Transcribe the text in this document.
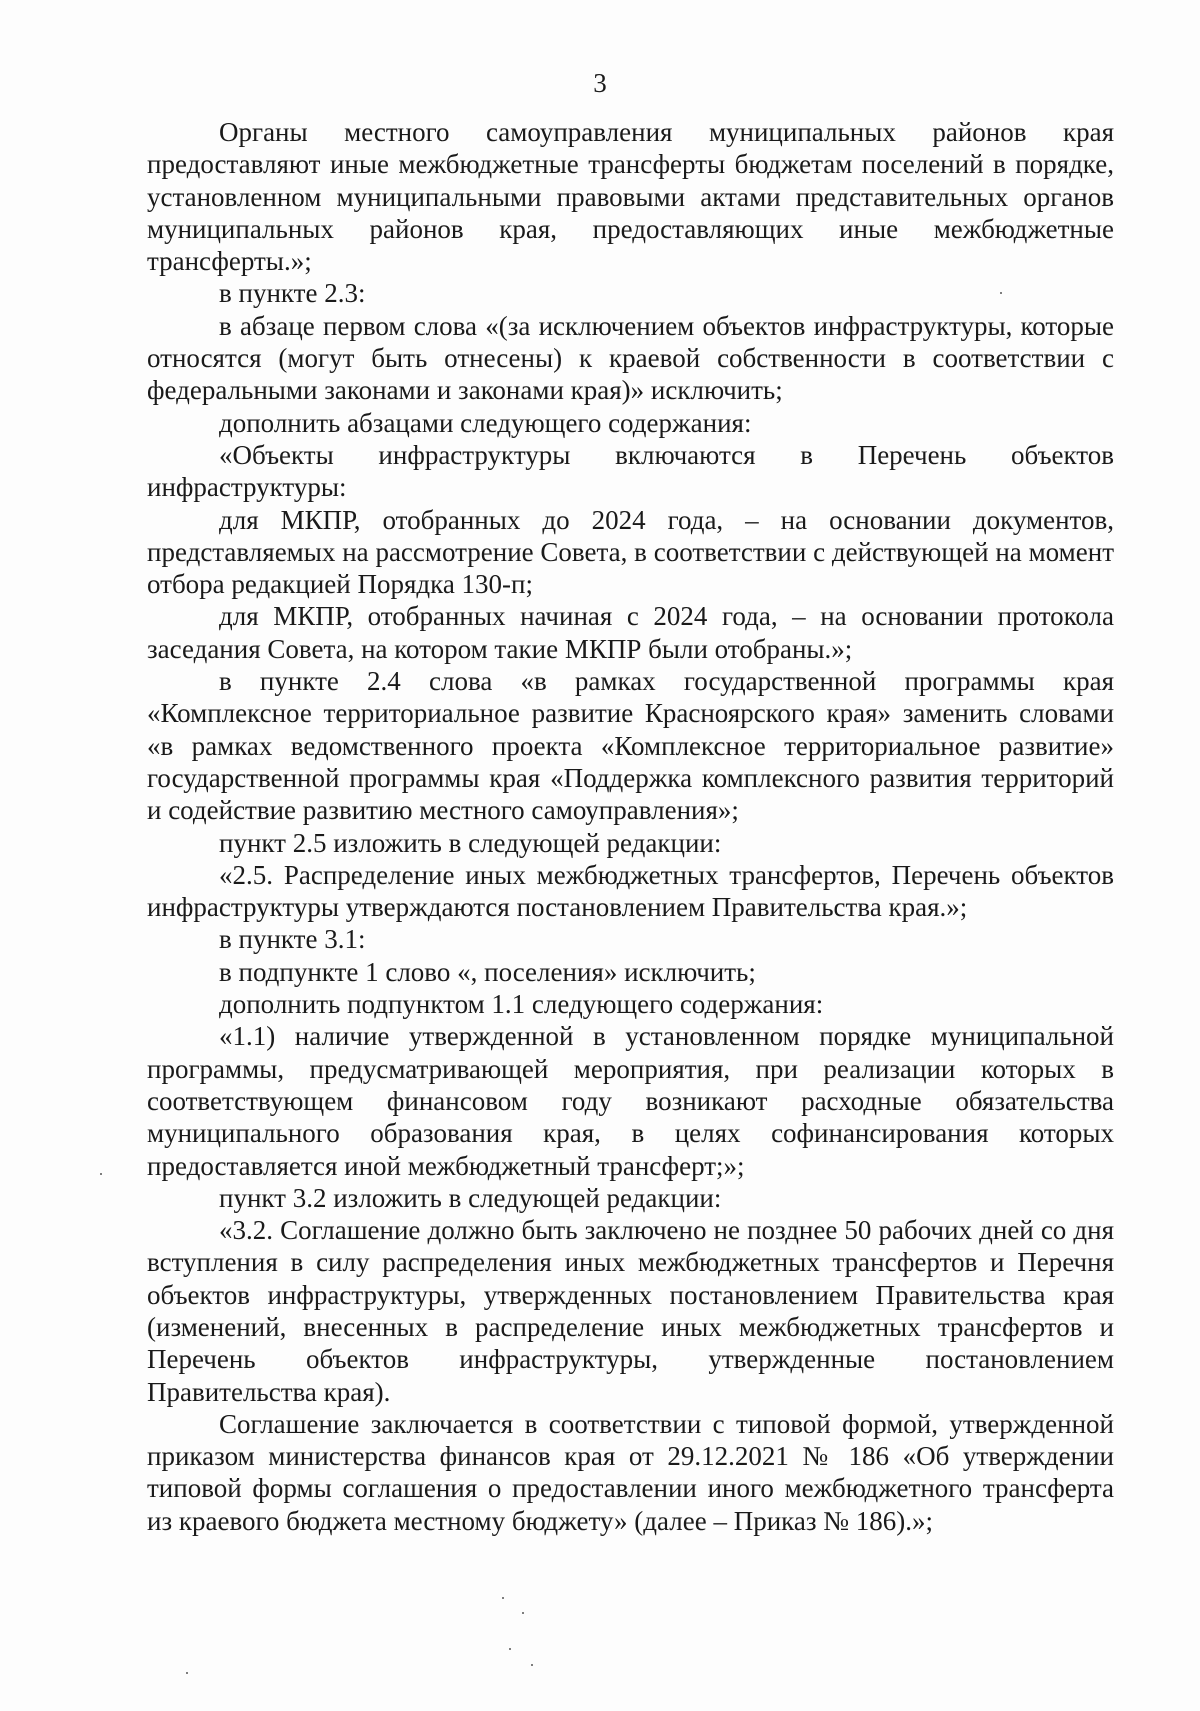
3

Органы местного самоуправления муниципальных районов края предоставляют иные межбюджетные трансферты бюджетам поселений в порядке, установленном муниципальными правовыми актами представительных органов муниципальных районов края, предоставляющих иные межбюджетные трансферты.»;

в пункте 2.3:

в абзаце первом слова «(за исключением объектов инфраструктуры, которые относятся (могут быть отнесены) к краевой собственности в соответствии с федеральными законами и законами края)» исключить;

дополнить абзацами следующего содержания:

«Объекты инфраструктуры включаются в Перечень объектов инфраструктуры:

для МКПР, отобранных до 2024 года, – на основании документов, представляемых на рассмотрение Совета, в соответствии с действующей на момент отбора редакцией Порядка 130-п;

для МКПР, отобранных начиная с 2024 года, – на основании протокола заседания Совета, на котором такие МКПР были отобраны.»;

в пункте 2.4 слова «в рамках государственной программы края «Комплексное территориальное развитие Красноярского края» заменить словами «в рамках ведомственного проекта «Комплексное территориальное развитие» государственной программы края «Поддержка комплексного развития территорий и содействие развитию местного самоуправления»;

пункт 2.5 изложить в следующей редакции:

«2.5. Распределение иных межбюджетных трансфертов, Перечень объектов инфраструктуры утверждаются постановлением Правительства края.»;

в пункте 3.1:

в подпункте 1 слово «, поселения» исключить;

дополнить подпунктом 1.1 следующего содержания:

«1.1) наличие утвержденной в установленном порядке муниципальной программы, предусматривающей мероприятия, при реализации которых в соответствующем финансовом году возникают расходные обязательства муниципального образования края, в целях софинансирования которых предоставляется иной межбюджетный трансферт;»;

пункт 3.2 изложить в следующей редакции:

«3.2. Соглашение должно быть заключено не позднее 50 рабочих дней со дня вступления в силу распределения иных межбюджетных трансфертов и Перечня объектов инфраструктуры, утвержденных постановлением Правительства края (изменений, внесенных в распределение иных межбюджетных трансфертов и Перечень объектов инфраструктуры, утвержденные постановлением Правительства края).

Соглашение заключается в соответствии с типовой формой, утвержденной приказом министерства финансов края от 29.12.2021 № 186 «Об утверждении типовой формы соглашения о предоставлении иного межбюджетного трансферта из краевого бюджета местному бюджету» (далее – Приказ № 186).»;
